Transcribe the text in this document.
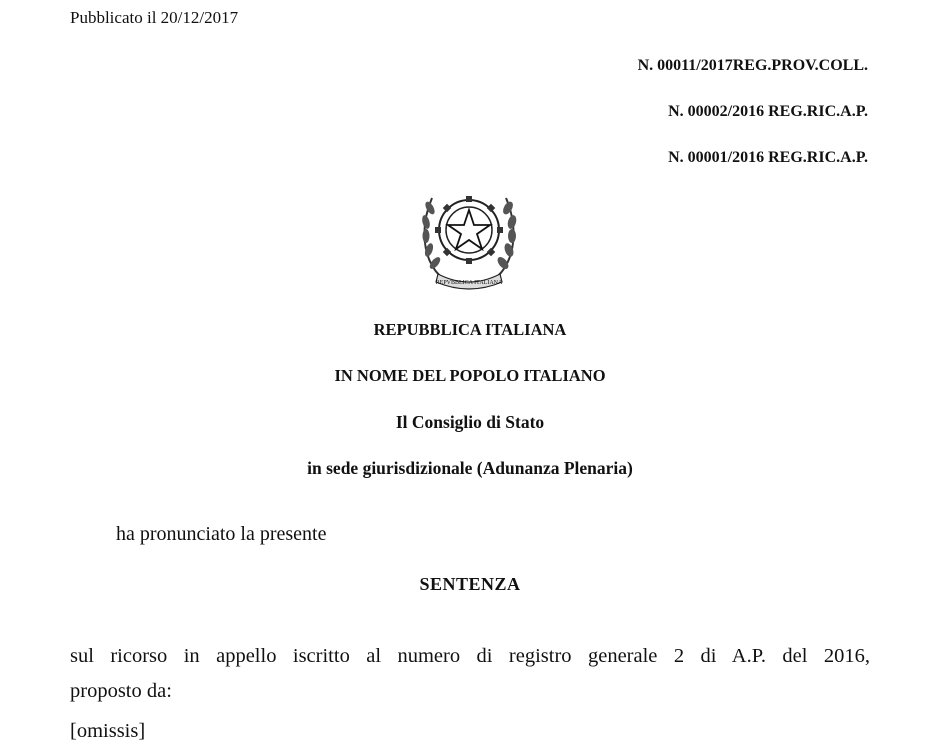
Pubblicato il 20/12/2017
N. 00011/2017REG.PROV.COLL.
N. 00002/2016 REG.RIC.A.P.
N. 00001/2016 REG.RIC.A.P.
REPVBBLICA ITALIANA
REPUBBLICA ITALIANA
IN NOME DEL POPOLO ITALIANO
Il Consiglio di Stato
in sede giurisdizionale (Adunanza Plenaria)
ha pronunciato la presente
SENTENZA
sul ricorso in appello iscritto al numero di registro generale 2 di A.P. del 2016,
proposto da:
[omissis]
